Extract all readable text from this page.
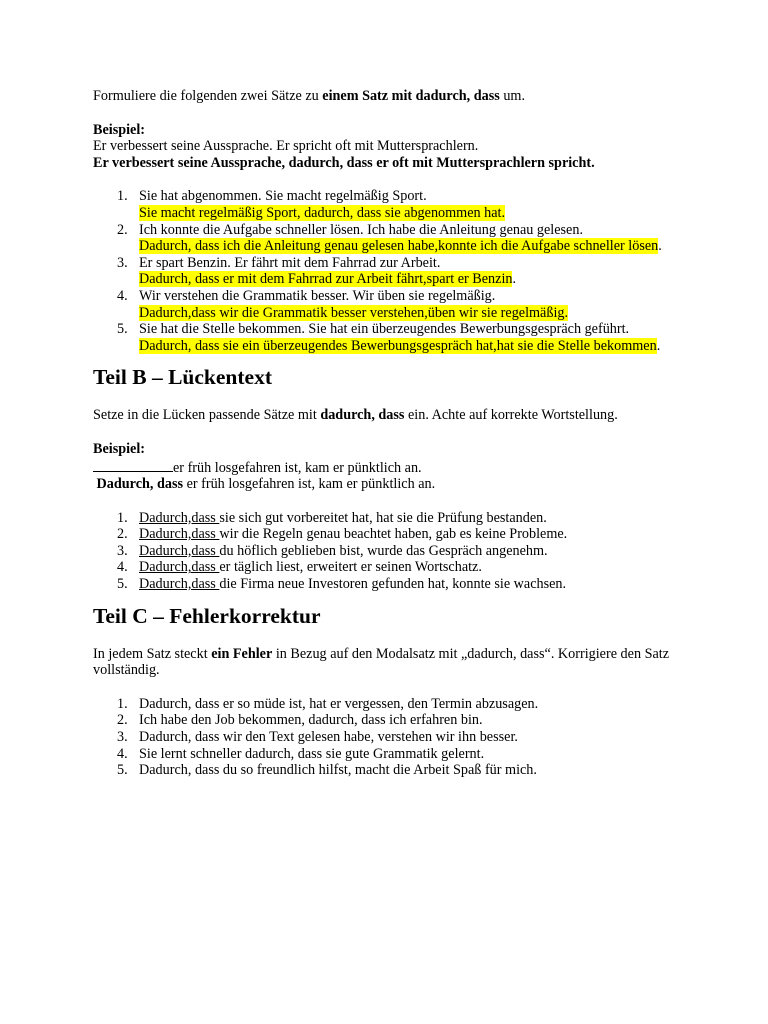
Formuliere die folgenden zwei Sätze zu einem Satz mit dadurch, dass um.

Beispiel:

Er verbessert seine Aussprache. Er spricht oft mit Muttersprachlern.

Er verbessert seine Aussprache, dadurch, dass er oft mit Muttersprachlern spricht.

1. Sie hat abgenommen. Sie macht regelmäßig Sport.
Sie macht regelmäßig Sport, dadurch, dass sie abgenommen hat.
2. Ich konnte die Aufgabe schneller lösen. Ich habe die Anleitung genau gelesen.
Dadurch, dass ich die Anleitung genau gelesen habe,konnte ich die Aufgabe schneller lösen.
3. Er spart Benzin. Er fährt mit dem Fahrrad zur Arbeit.
Dadurch, dass er mit dem Fahrrad zur Arbeit fährt,spart er Benzin.
4. Wir verstehen die Grammatik besser. Wir üben sie regelmäßig.
Dadurch,dass wir die Grammatik besser verstehen,üben wir sie regelmäßig.
5. Sie hat die Stelle bekommen. Sie hat ein überzeugendes Bewerbungsgespräch geführt.
Dadurch, dass sie ein überzeugendes Bewerbungsgespräch hat,hat sie die Stelle bekommen.
Teil B – Lückentext

Setze in die Lücken passende Sätze mit dadurch, dass ein. Achte auf korrekte Wortstellung.

Beispiel:

er früh losgefahren ist, kam er pünktlich an.

Dadurch, dass er früh losgefahren ist, kam er pünktlich an.

1. Dadurch,dass sie sich gut vorbereitet hat, hat sie die Prüfung bestanden.
2. Dadurch,dass wir die Regeln genau beachtet haben, gab es keine Probleme.
3. Dadurch,dass du höflich geblieben bist, wurde das Gespräch angenehm.
4. Dadurch,dass er täglich liest, erweitert er seinen Wortschatz.
5. Dadurch,dass die Firma neue Investoren gefunden hat, konnte sie wachsen.
Teil C – Fehlerkorrektur

In jedem Satz steckt ein Fehler in Bezug auf den Modalsatz mit „dadurch, dass“. Korrigiere den Satz vollständig.

1. Dadurch, dass er so müde ist, hat er vergessen, den Termin abzusagen.
2. Ich habe den Job bekommen, dadurch, dass ich erfahren bin.
3. Dadurch, dass wir den Text gelesen habe, verstehen wir ihn besser.
4. Sie lernt schneller dadurch, dass sie gute Grammatik gelernt.
5. Dadurch, dass du so freundlich hilfst, macht die Arbeit Spaß für mich.
